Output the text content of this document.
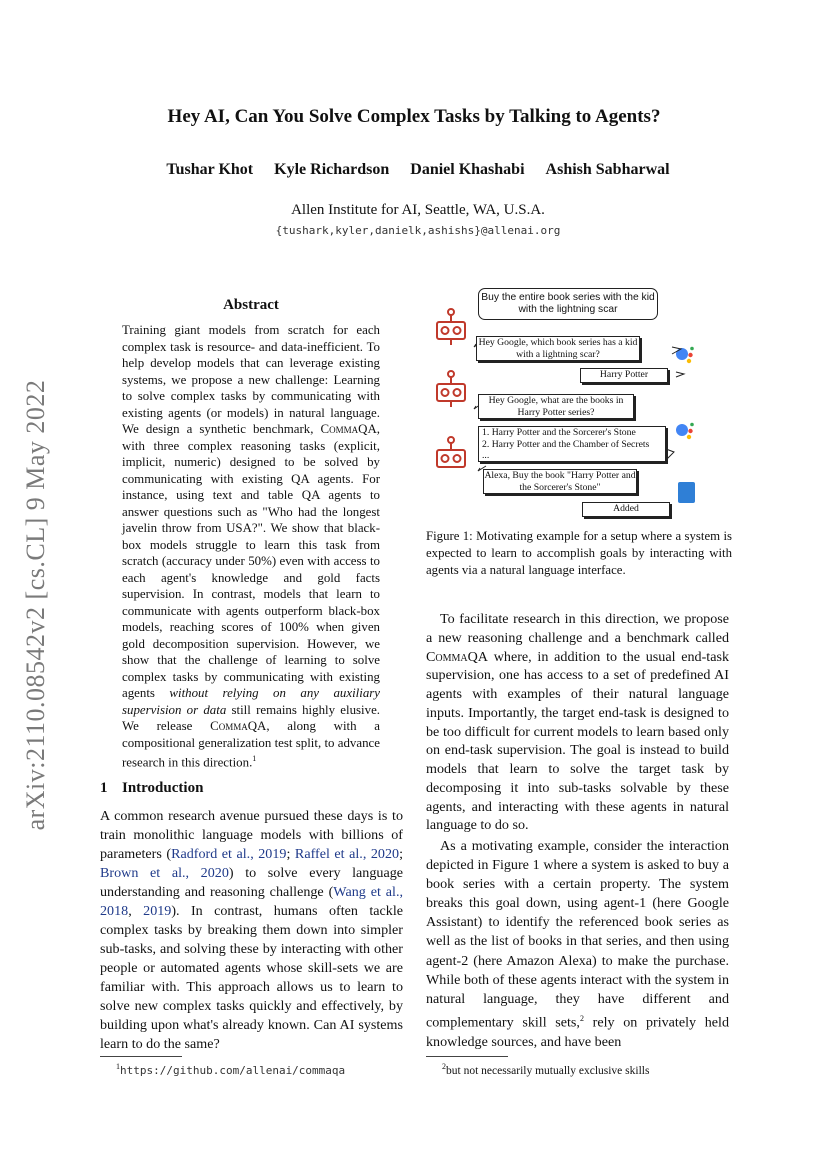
arXiv:2110.08542v2 [cs.CL] 9 May 2022
Hey AI, Can You Solve Complex Tasks by Talking to Agents?
Tushar Khot Kyle Richardson Daniel Khashabi Ashish Sabharwal
Allen Institute for AI, Seattle, WA, U.S.A.
{tushark,kyler,danielk,ashishs}@allenai.org
Abstract
Training giant models from scratch for each complex task is resource- and data-inefficient. To help develop models that can leverage existing systems, we propose a new challenge: Learning to solve complex tasks by communicating with existing agents (or models) in natural language. We design a synthetic benchmark, CommaQA, with three complex reasoning tasks (explicit, implicit, numeric) designed to be solved by communicating with existing QA agents. For instance, using text and table QA agents to answer questions such as "Who had the longest javelin throw from USA?". We show that black-box models struggle to learn this task from scratch (accuracy under 50%) even with access to each agent's knowledge and gold facts supervision. In contrast, models that learn to communicate with agents outperform black-box models, reaching scores of 100% when given gold decomposition supervision. However, we show that the challenge of learning to solve complex tasks by communicating with existing agents without relying on any auxiliary supervision or data still remains highly elusive. We release CommaQA, along with a compositional generalization test split, to advance research in this direction.$^1$
1 Introduction
A common research avenue pursued these days is to train monolithic language models with billions of parameters (Radford et al., 2019; Raffel et al., 2020; Brown et al., 2020) to solve every language understanding and reasoning challenge (Wang et al., 2018, 2019). In contrast, humans often tackle complex tasks by breaking them down into simpler sub-tasks, and solving these by interacting with other people or automated agents whose skill-sets we are familiar with. This approach allows us to learn to solve new complex tasks quickly and effectively, by building upon what's already known. Can AI systems learn to do the same?
$^1$https://github.com/allenai/commaqa
Buy the entire book series with the kid with the lightning scar
Hey Google, which book series has a kid with a lightning scar?
Harry Potter
Hey Google, what are the books in Harry Potter series?
1. Harry Potter and the Sorcerer's Stone
2. Harry Potter and the Chamber of Secrets
...
Alexa, Buy the book "Harry Potter and the Sorcerer's Stone"
Added
Figure 1: Motivating example for a setup where a system is expected to learn to accomplish goals by interacting with agents via a natural language interface.
To facilitate research in this direction, we propose a new reasoning challenge and a benchmark called CommaQA where, in addition to the usual end-task supervision, one has access to a set of predefined AI agents with examples of their natural language inputs. Importantly, the target end-task is designed to be too difficult for current models to learn based only on end-task supervision. The goal is instead to build models that learn to solve the target task by decomposing it into sub-tasks solvable by these agents, and interacting with these agents in natural language to do so.
As a motivating example, consider the interaction depicted in Figure 1 where a system is asked to buy a book series with a certain property. The system breaks this goal down, using agent-1 (here Google Assistant) to identify the referenced book series as well as the list of books in that series, and then using agent-2 (here Amazon Alexa) to make the purchase. While both of these agents interact with the system in natural language, they have different and complementary skill sets,$^2$ rely on privately held knowledge sources, and have been
$^2$but not necessarily mutually exclusive skills
